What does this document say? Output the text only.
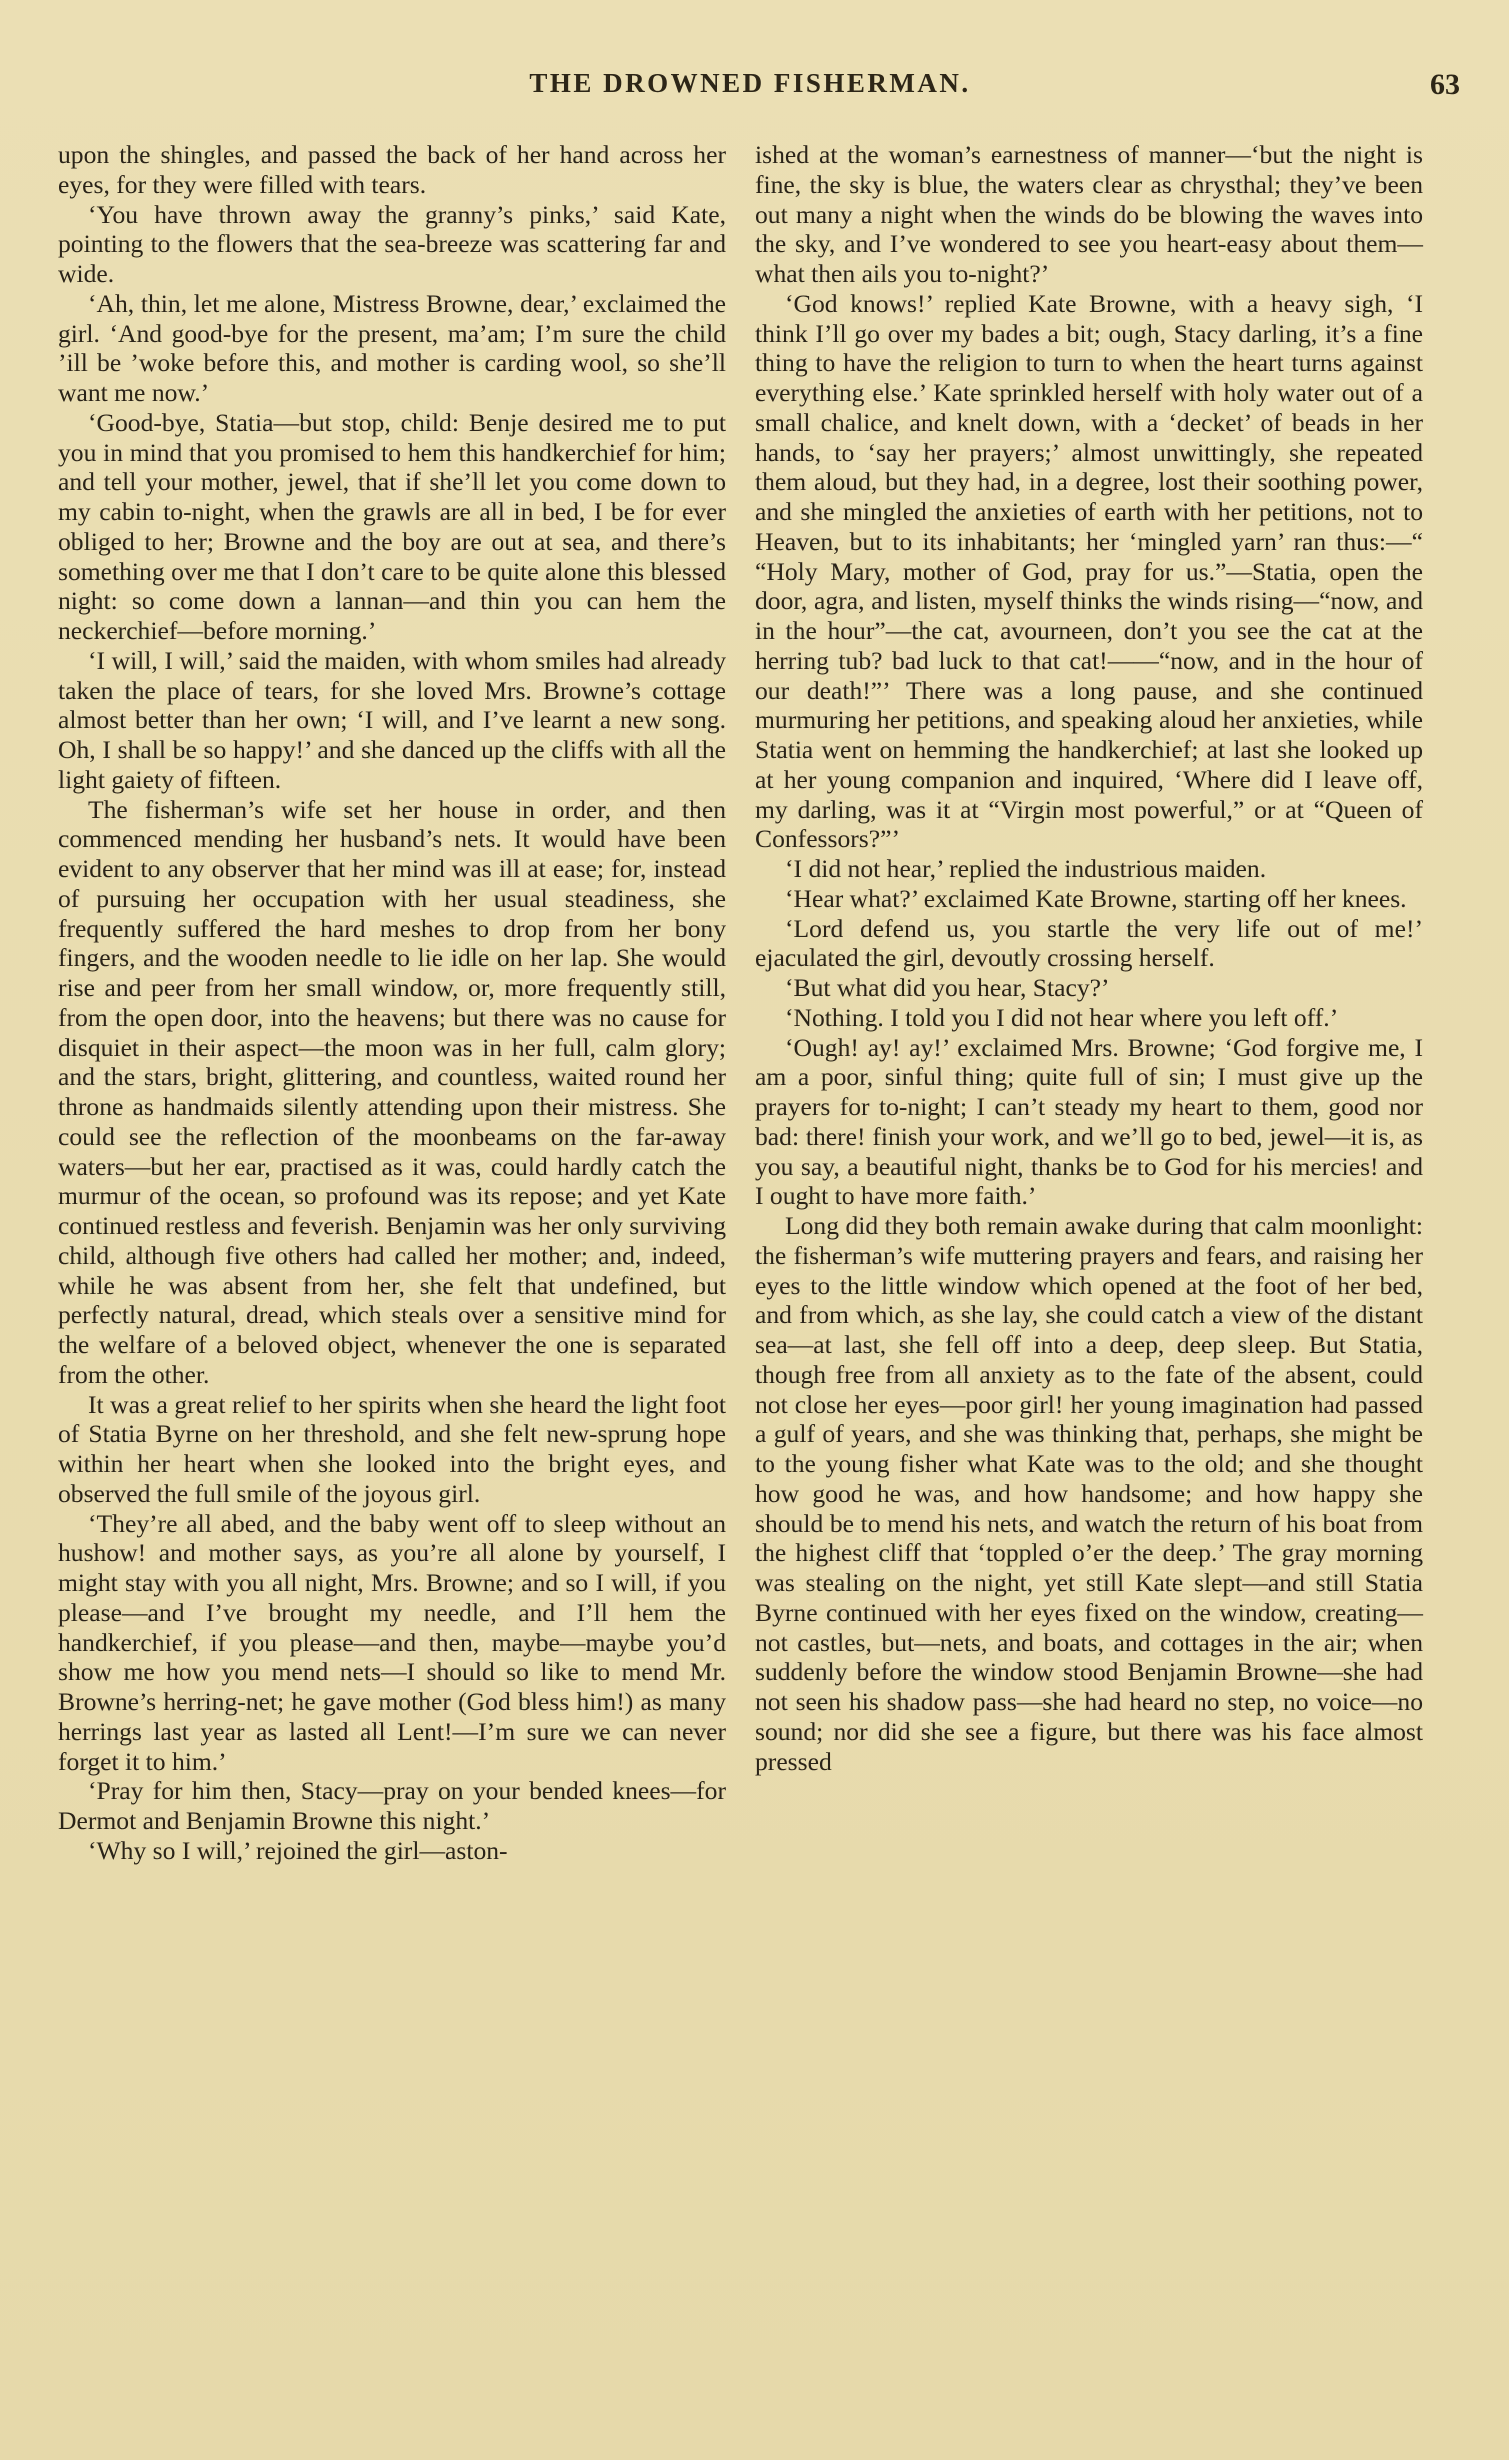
THE DROWNED FISHERMAN.	63

upon the shingles, and passed the back of her hand across her eyes, for they were filled with tears.

‘You have thrown away the granny’s pinks,’ said Kate, pointing to the flowers that the sea-breeze was scattering far and wide.

‘Ah, thin, let me alone, Mistress Browne, dear,’ exclaimed the girl. ‘And good-bye for the present, ma’am; I’m sure the child ’ill be ’woke before this, and mother is carding wool, so she’ll want me now.’

‘Good-bye, Statia—but stop, child: Benje desired me to put you in mind that you promised to hem this handkerchief for him; and tell your mother, jewel, that if she’ll let you come down to my cabin to-night, when the grawls are all in bed, I be for ever obliged to her; Browne and the boy are out at sea, and there’s something over me that I don’t care to be quite alone this blessed night: so come down a lannan—and thin you can hem the neckerchief—before morning.’

‘I will, I will,’ said the maiden, with whom smiles had already taken the place of tears, for she loved Mrs. Browne’s cottage almost better than her own; ‘I will, and I’ve learnt a new song. Oh, I shall be so happy!’ and she danced up the cliffs with all the light gaiety of fifteen.

The fisherman’s wife set her house in order, and then commenced mending her husband’s nets. It would have been evident to any observer that her mind was ill at ease; for, instead of pursuing her occupation with her usual steadiness, she frequently suffered the hard meshes to drop from her bony fingers, and the wooden needle to lie idle on her lap. She would rise and peer from her small window, or, more frequently still, from the open door, into the heavens; but there was no cause for disquiet in their aspect—the moon was in her full, calm glory; and the stars, bright, glittering, and countless, waited round her throne as handmaids silently attending upon their mistress. She could see the reflection of the moonbeams on the far-away waters—but her ear, practised as it was, could hardly catch the murmur of the ocean, so profound was its repose; and yet Kate continued restless and feverish. Benjamin was her only surviving child, although five others had called her mother; and, indeed, while he was absent from her, she felt that undefined, but perfectly natural, dread, which steals over a sensitive mind for the welfare of a beloved object, whenever the one is separated from the other.

It was a great relief to her spirits when she heard the light foot of Statia Byrne on her threshold, and she felt new-sprung hope within her heart when she looked into the bright eyes, and observed the full smile of the joyous girl.

‘They’re all abed, and the baby went off to sleep without an hushow! and mother says, as you’re all alone by yourself, I might stay with you all night, Mrs. Browne; and so I will, if you please—and I’ve brought my needle, and I’ll hem the handkerchief, if you please—and then, maybe—maybe you’d show me how you mend nets—I should so like to mend Mr. Browne’s herring-net; he gave mother (God bless him!) as many herrings last year as lasted all Lent!—I’m sure we can never forget it to him.’

‘Pray for him then, Stacy—pray on your bended knees—for Dermot and Benjamin Browne this night.’

‘Why so I will,’ rejoined the girl—aston-

ished at the woman’s earnestness of manner—‘but the night is fine, the sky is blue, the waters clear as chrysthal; they’ve been out many a night when the winds do be blowing the waves into the sky, and I’ve wondered to see you heart-easy about them—what then ails you to-night?’

‘God knows!’ replied Kate Browne, with a heavy sigh, ‘I think I’ll go over my bades a bit; ough, Stacy darling, it’s a fine thing to have the religion to turn to when the heart turns against everything else.’ Kate sprinkled herself with holy water out of a small chalice, and knelt down, with a ‘decket’ of beads in her hands, to ‘say her prayers;’ almost unwittingly, she repeated them aloud, but they had, in a degree, lost their soothing power, and she mingled the anxieties of earth with her petitions, not to Heaven, but to its inhabitants; her ‘mingled yarn’ ran thus:—“ “Holy Mary, mother of God, pray for us.”—Statia, open the door, agra, and listen, myself thinks the winds rising—“now, and in the hour”—the cat, avourneen, don’t you see the cat at the herring tub? bad luck to that cat!——“now, and in the hour of our death!”’ There was a long pause, and she continued murmuring her petitions, and speaking aloud her anxieties, while Statia went on hemming the handkerchief; at last she looked up at her young companion and inquired, ‘Where did I leave off, my darling, was it at “Virgin most powerful,” or at “Queen of Confessors?”’

‘I did not hear,’ replied the industrious maiden.

‘Hear what?’ exclaimed Kate Browne, starting off her knees.

‘Lord defend us, you startle the very life out of me!’ ejaculated the girl, devoutly crossing herself.

‘But what did you hear, Stacy?’

‘Nothing. I told you I did not hear where you left off.’

‘Ough! ay! ay!’ exclaimed Mrs. Browne; ‘God forgive me, I am a poor, sinful thing; quite full of sin; I must give up the prayers for to-night; I can’t steady my heart to them, good nor bad: there! finish your work, and we’ll go to bed, jewel—it is, as you say, a beautiful night, thanks be to God for his mercies! and I ought to have more faith.’

Long did they both remain awake during that calm moonlight: the fisherman’s wife muttering prayers and fears, and raising her eyes to the little window which opened at the foot of her bed, and from which, as she lay, she could catch a view of the distant sea—at last, she fell off into a deep, deep sleep. But Statia, though free from all anxiety as to the fate of the absent, could not close her eyes—poor girl! her young imagination had passed a gulf of years, and she was thinking that, perhaps, she might be to the young fisher what Kate was to the old; and she thought how good he was, and how handsome; and how happy she should be to mend his nets, and watch the return of his boat from the highest cliff that ‘toppled o’er the deep.’ The gray morning was stealing on the night, yet still Kate slept—and still Statia Byrne continued with her eyes fixed on the window, creating—not castles, but—nets, and boats, and cottages in the air; when suddenly before the window stood Benjamin Browne—she had not seen his shadow pass—she had heard no step, no voice—no sound; nor did she see a figure, but there was his face almost pressed
